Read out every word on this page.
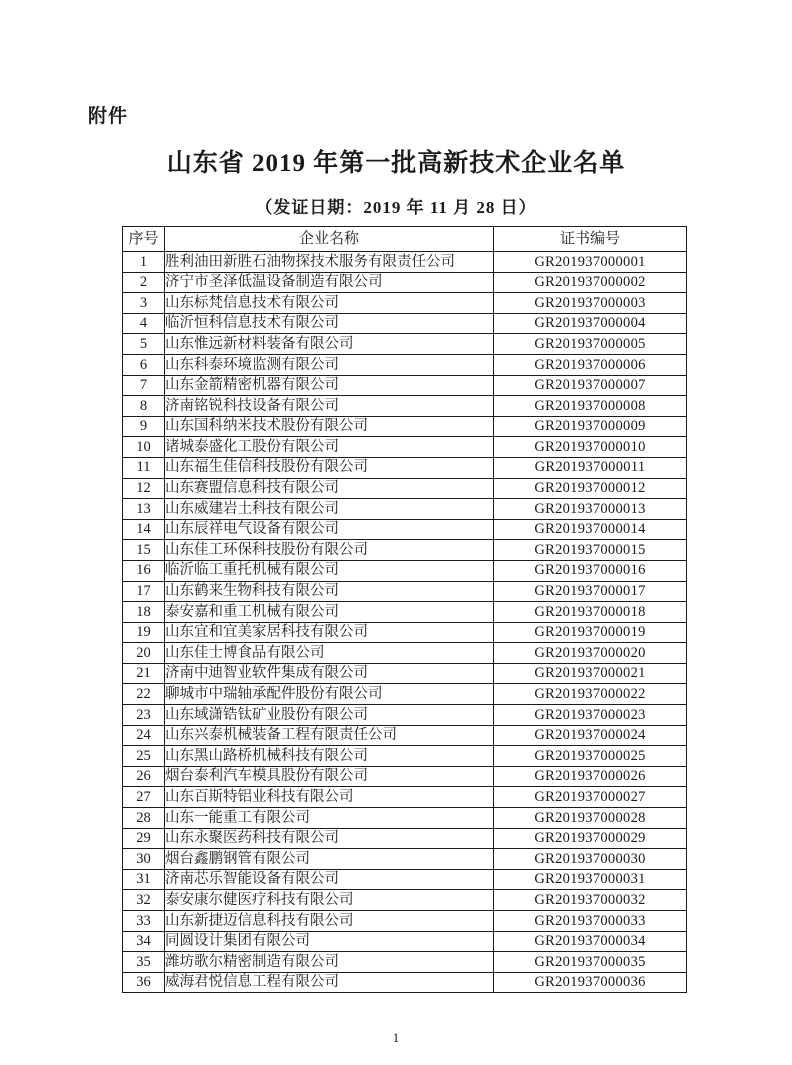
附件
山东省 2019 年第一批高新技术企业名单
（发证日期：2019 年 11 月 28 日）
序号	企业名称	证书编号
1	胜利油田新胜石油物探技术服务有限责任公司	GR201937000001
2	济宁市圣泽低温设备制造有限公司	GR201937000002
3	山东标梵信息技术有限公司	GR201937000003
4	临沂恒科信息技术有限公司	GR201937000004
5	山东惟远新材料装备有限公司	GR201937000005
6	山东科泰环境监测有限公司	GR201937000006
7	山东金箭精密机器有限公司	GR201937000007
8	济南铭锐科技设备有限公司	GR201937000008
9	山东国科纳米技术股份有限公司	GR201937000009
10	诸城泰盛化工股份有限公司	GR201937000010
11	山东福生佳信科技股份有限公司	GR201937000011
12	山东赛盟信息科技有限公司	GR201937000012
13	山东威建岩土科技有限公司	GR201937000013
14	山东辰祥电气设备有限公司	GR201937000014
15	山东佳工环保科技股份有限公司	GR201937000015
16	临沂临工重托机械有限公司	GR201937000016
17	山东鹤来生物科技有限公司	GR201937000017
18	泰安嘉和重工机械有限公司	GR201937000018
19	山东宜和宜美家居科技有限公司	GR201937000019
20	山东佳士博食品有限公司	GR201937000020
21	济南中迪智业软件集成有限公司	GR201937000021
22	聊城市中瑞轴承配件股份有限公司	GR201937000022
23	山东域潇锆钛矿业股份有限公司	GR201937000023
24	山东兴泰机械装备工程有限责任公司	GR201937000024
25	山东黑山路桥机械科技有限公司	GR201937000025
26	烟台泰利汽车模具股份有限公司	GR201937000026
27	山东百斯特铝业科技有限公司	GR201937000027
28	山东一能重工有限公司	GR201937000028
29	山东永聚医药科技有限公司	GR201937000029
30	烟台鑫鹏钢管有限公司	GR201937000030
31	济南芯乐智能设备有限公司	GR201937000031
32	泰安康尔健医疗科技有限公司	GR201937000032
33	山东新捷迈信息科技有限公司	GR201937000033
34	同圆设计集团有限公司	GR201937000034
35	潍坊歌尔精密制造有限公司	GR201937000035
36	威海君悦信息工程有限公司	GR201937000036
1
